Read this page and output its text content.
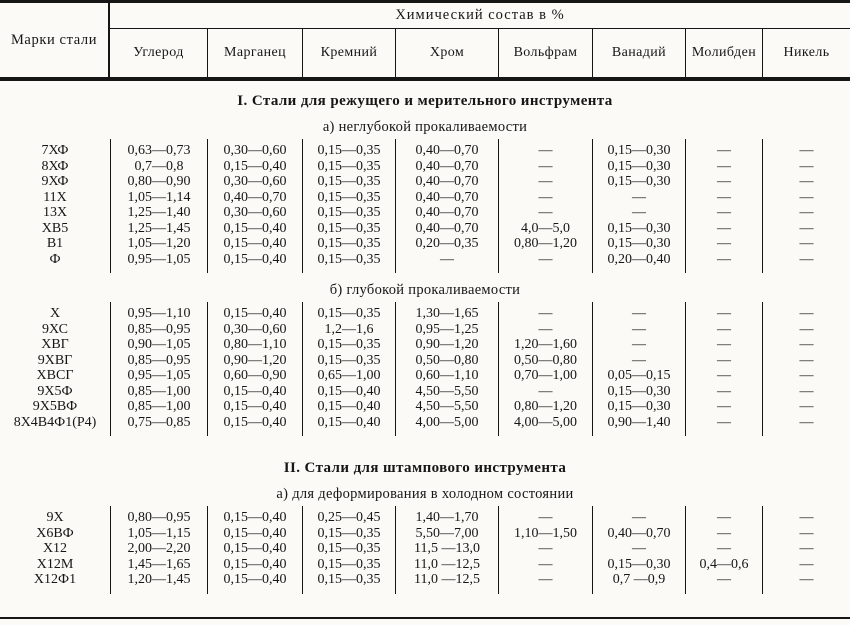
Марки стали
Химический состав в %
Углерод	Марганец	Кремний	Хром	Вольфрам	Ванадий	Молибден	Никель
I. Стали для режущего и мерительного инструмента
а) неглубокой прокаливаемости
7ХФ	0,63—0,73	0,30—0,60	0,15—0,35	0,40—0,70	—	0,15—0,30	—	—
8ХФ	0,7—0,8	0,15—0,40	0,15—0,35	0,40—0,70	—	0,15—0,30	—	—
9ХФ	0,80—0,90	0,30—0,60	0,15—0,35	0,40—0,70	—	0,15—0,30	—	—
11Х	1,05—1,14	0,40—0,70	0,15—0,35	0,40—0,70	—	—	—	—
13Х	1,25—1,40	0,30—0,60	0,15—0,35	0,40—0,70	—	—	—	—
ХВ5	1,25—1,45	0,15—0,40	0,15—0,35	0,40—0,70	4,0—5,0	0,15—0,30	—	—
В1	1,05—1,20	0,15—0,40	0,15—0,35	0,20—0,35	0,80—1,20	0,15—0,30	—	—
Ф	0,95—1,05	0,15—0,40	0,15—0,35	—	—	0,20—0,40	—	—
б) глубокой прокаливаемости
Х	0,95—1,10	0,15—0,40	0,15—0,35	1,30—1,65	—	—	—	—
9ХС	0,85—0,95	0,30—0,60	1,2—1,6	0,95—1,25	—	—	—	—
ХВГ	0,90—1,05	0,80—1,10	0,15—0,35	0,90—1,20	1,20—1,60	—	—	—
9ХВГ	0,85—0,95	0,90—1,20	0,15—0,35	0,50—0,80	0,50—0,80	—	—	—
ХВСГ	0,95—1,05	0,60—0,90	0,65—1,00	0,60—1,10	0,70—1,00	0,05—0,15	—	—
9Х5Ф	0,85—1,00	0,15—0,40	0,15—0,40	4,50—5,50	—	0,15—0,30	—	—
9Х5ВФ	0,85—1,00	0,15—0,40	0,15—0,40	4,50—5,50	0,80—1,20	0,15—0,30	—	—
8Х4В4Ф1(Р4)	0,75—0,85	0,15—0,40	0,15—0,40	4,00—5,00	4,00—5,00	0,90—1,40	—	—
II. Стали для штампового инструмента
а) для деформирования в холодном состоянии
9Х	0,80—0,95	0,15—0,40	0,25—0,45	1,40—1,70	—	—	—	—
Х6ВФ	1,05—1,15	0,15—0,40	0,15—0,35	5,50—7,00	1,10—1,50	0,40—0,70	—	—
Х12	2,00—2,20	0,15—0,40	0,15—0,35	11,5 —13,0	—	—	—	—
Х12М	1,45—1,65	0,15—0,40	0,15—0,35	11,0 —12,5	—	0,15—0,30	0,4—0,6	—
Х12Ф1	1,20—1,45	0,15—0,40	0,15—0,35	11,0 —12,5	—	0,7 —0,9	—	—
